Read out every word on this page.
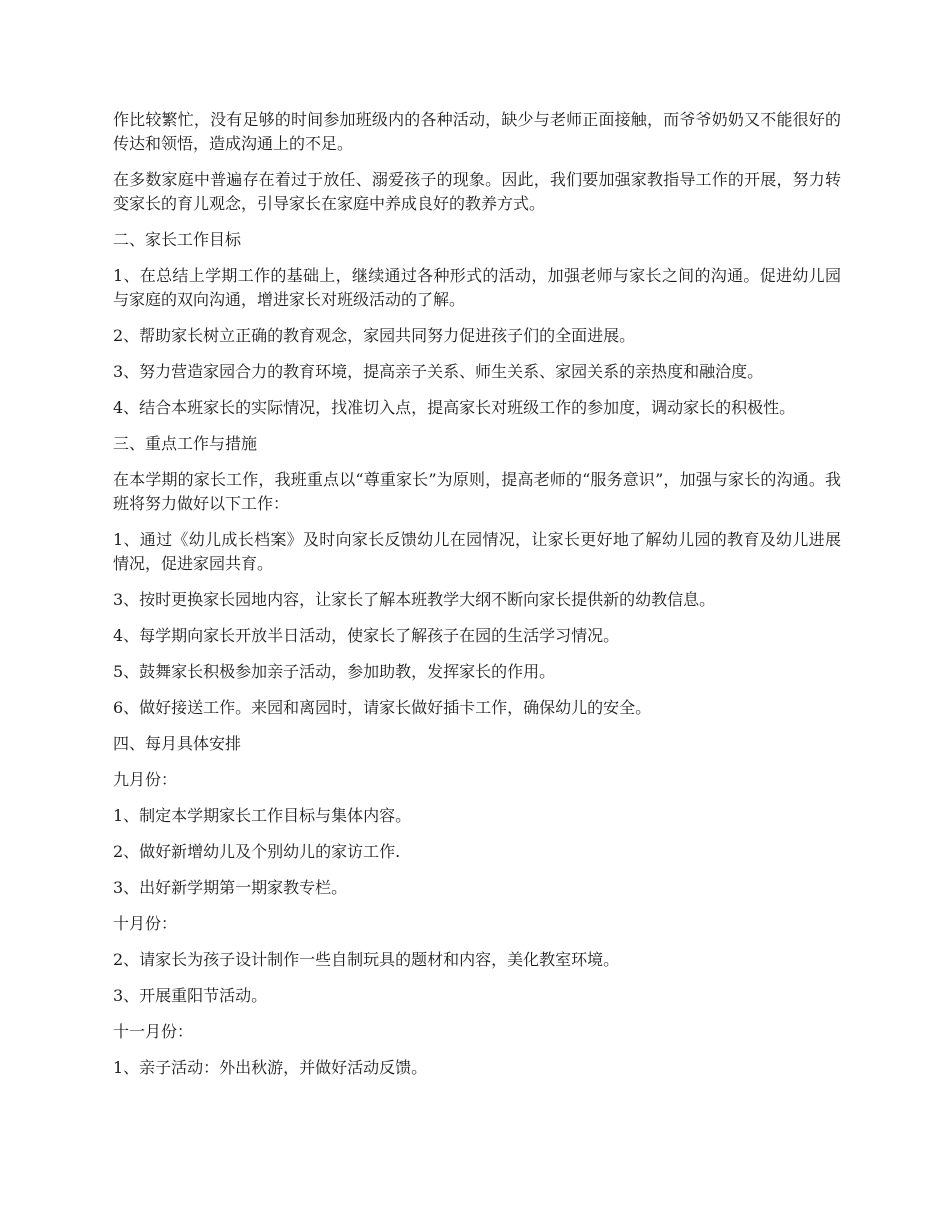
作比较繁忙，没有足够的时间参加班级内的各种活动，缺少与老师正面接触，而爷爷奶奶又不能很好的传达和领悟，造成沟通上的不足。

在多数家庭中普遍存在着过于放任、溺爱孩子的现象。因此，我们要加强家教指导工作的开展，努力转变家长的育儿观念，引导家长在家庭中养成良好的教养方式。

二、家长工作目标

1、在总结上学期工作的基础上，继续通过各种形式的活动，加强老师与家长之间的沟通。促进幼儿园与家庭的双向沟通，增进家长对班级活动的了解。

2、帮助家长树立正确的教育观念，家园共同努力促进孩子们的全面进展。

3、努力营造家园合力的教育环境，提高亲子关系、师生关系、家园关系的亲热度和融洽度。

4、结合本班家长的实际情况，找准切入点，提高家长对班级工作的参加度，调动家长的积极性。

三、重点工作与措施

在本学期的家长工作，我班重点以“尊重家长”为原则，提高老师的“服务意识”，加强与家长的沟通。我班将努力做好以下工作：

1、通过《幼儿成长档案》及时向家长反馈幼儿在园情况，让家长更好地了解幼儿园的教育及幼儿进展情况，促进家园共育。

3、按时更换家长园地内容，让家长了解本班教学大纲不断向家长提供新的幼教信息。

4、每学期向家长开放半日活动，使家长了解孩子在园的生活学习情况。

5、鼓舞家长积极参加亲子活动，参加助教，发挥家长的作用。

6、做好接送工作。来园和离园时，请家长做好插卡工作，确保幼儿的安全。

四、每月具体安排

九月份：

1、制定本学期家长工作目标与集体内容。

2、做好新增幼儿及个别幼儿的家访工作.

3、出好新学期第一期家教专栏。

十月份：

2、请家长为孩子设计制作一些自制玩具的题材和内容，美化教室环境。

3、开展重阳节活动。

十一月份：

1、亲子活动：外出秋游，并做好活动反馈。
